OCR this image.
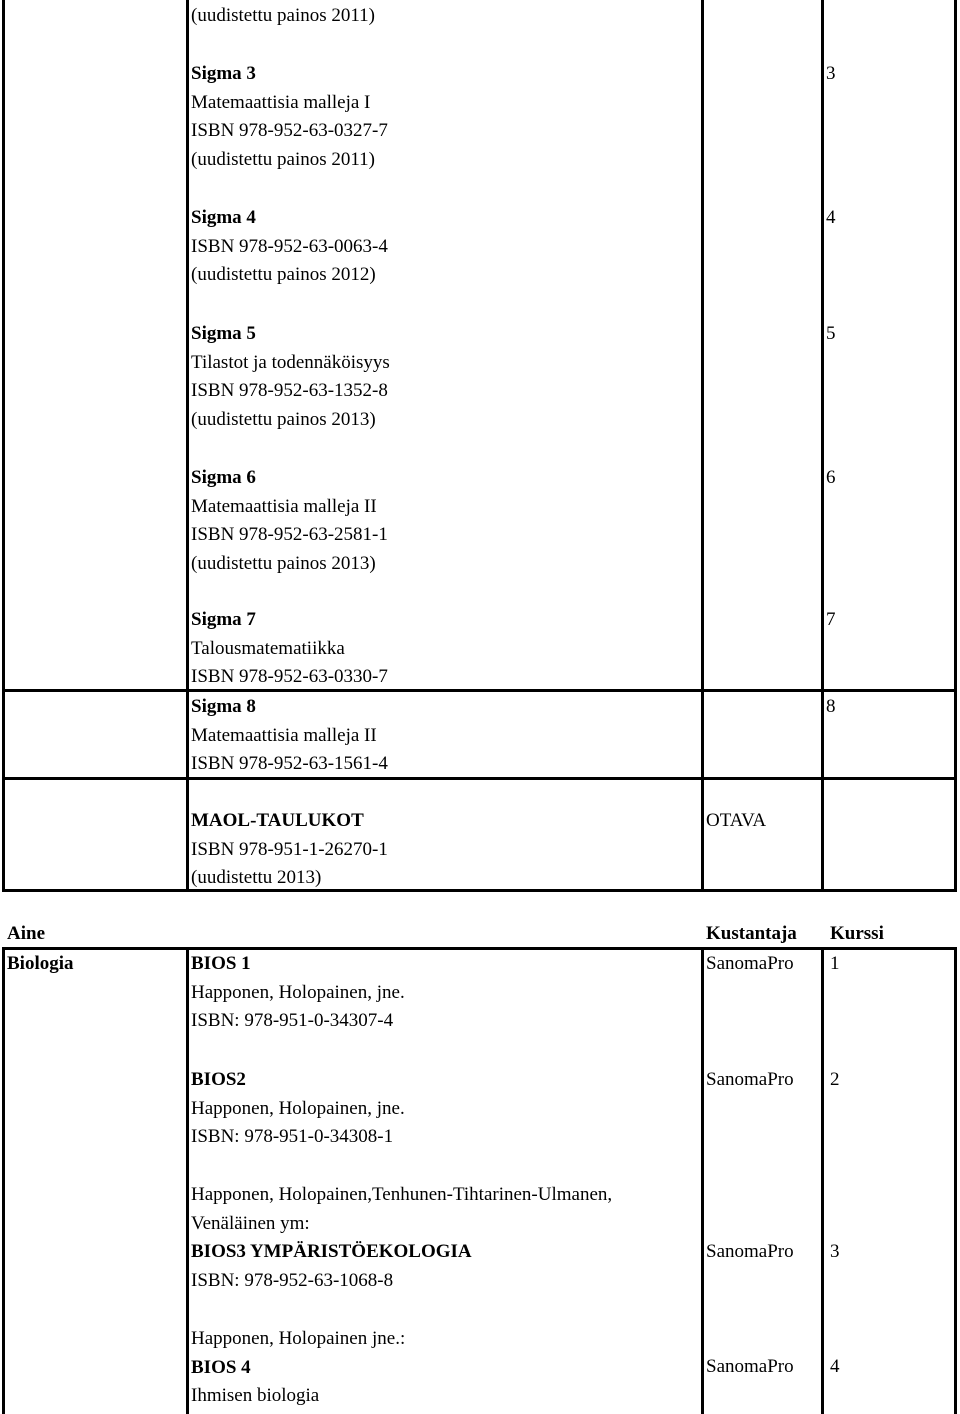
(uudistettu painos 2011)
Sigma 3
Matemaattisia malleja I
ISBN 978-952-63-0327-7
(uudistettu painos 2011)
3
Sigma 4
ISBN 978-952-63-0063-4
(uudistettu painos 2012)
4
Sigma 5
Tilastot ja todennäköisyys
ISBN 978-952-63-1352-8
(uudistettu painos 2013)
5
Sigma 6
Matemaattisia malleja II
ISBN 978-952-63-2581-1
(uudistettu painos 2013)
6
Sigma 7
Talousmatematiikka
ISBN 978-952-63-0330-7
7
Sigma 8
Matemaattisia malleja II
ISBN 978-952-63-1561-4
8
MAOL-TAULUKOT
ISBN 978-951-1-26270-1
(uudistettu 2013)
OTAVA
Aine	Kustantaja Kurssi
Biologia	BIOS 1
Happonen, Holopainen, jne.
ISBN: 978-951-0-34307-4
SanomaPro 1
BIOS2
Happonen, Holopainen, jne.
ISBN: 978-951-0-34308-1
SanomaPro 2
Happonen, Holopainen,Tenhunen-Tihtarinen-Ulmanen,
Venäläinen ym:
BIOS3 YMPÄRISTÖEKOLOGIA
ISBN: 978-952-63-1068-8
SanomaPro 3
Happonen, Holopainen jne.:
BIOS 4
Ihmisen biologia
SanomaPro 4
